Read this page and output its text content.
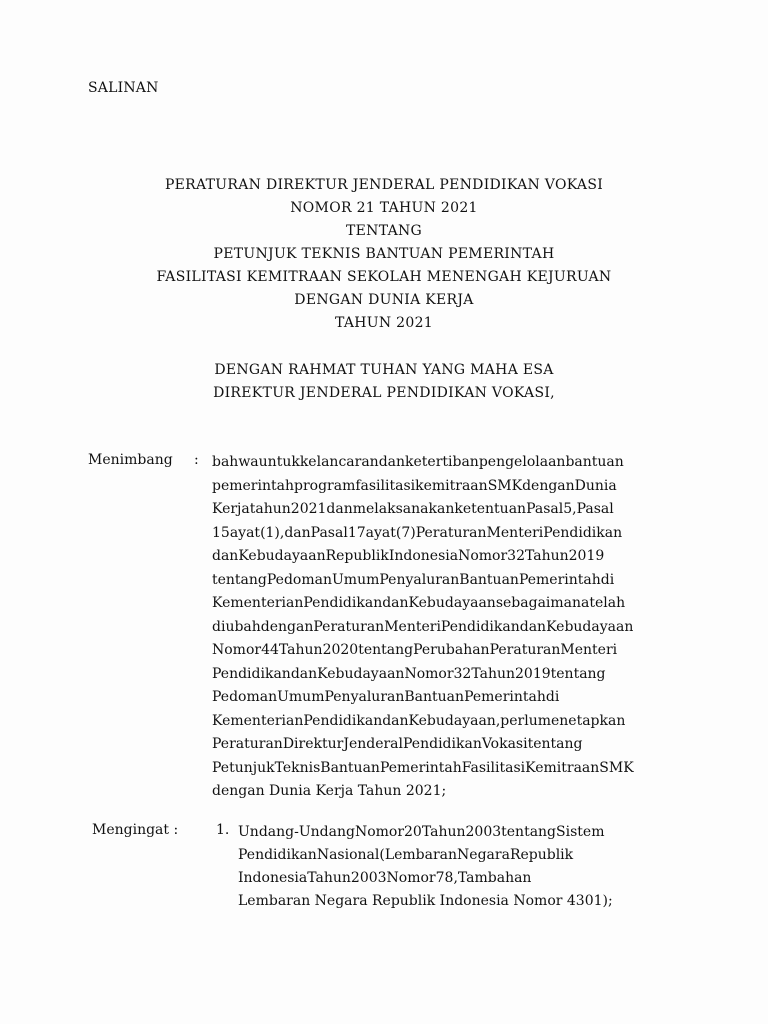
SALINAN
PERATURAN DIREKTUR JENDERAL PENDIDIKAN VOKASI
NOMOR 21 TAHUN 2021
TENTANG
PETUNJUK TEKNIS BANTUAN PEMERINTAH
FASILITASI KEMITRAAN SEKOLAH MENENGAH KEJURUAN
DENGAN DUNIA KERJA
TAHUN 2021
DENGAN RAHMAT TUHAN YANG MAHA ESA
DIREKTUR JENDERAL PENDIDIKAN VOKASI,
Menimbang : bahwauntukkelancarandanketertibanpengelolaanbantuan
pemerintahprogramfasilitasikemitraanSMKdenganDunia
Kerjatahun2021danmelaksanakanketentuanPasal5,Pasal
15ayat(1),danPasal17ayat(7)PeraturanMenteriPendidikan
danKebudayaanRepublikIndonesiaNomor32Tahun2019
tentangPedomanUmumPenyaluranBantuanPemerintahdi
KementerianPendidikandanKebudayaansebagaimanatelah
diubahdenganPeraturanMenteriPendidikandanKebudayaan
Nomor44Tahun2020tentangPerubahanPeraturanMenteri
PendidikandanKebudayaanNomor32Tahun2019tentang
PedomanUmumPenyaluranBantuanPemerintahdi
KementerianPendidikandanKebudayaan,perlumenetapkan
PeraturanDirekturJenderalPendidikanVokasitentang
PetunjukTeknisBantuanPemerintahFasilitasiKemitraanSMK
dengan Dunia Kerja Tahun 2021;
Mengingat :	1. Undang-UndangNomor20Tahun2003tentangSistem
PendidikanNasional(LembaranNegaraRepublik
IndonesiaTahun2003Nomor78,Tambahan
Lembaran Negara Republik Indonesia Nomor 4301);
